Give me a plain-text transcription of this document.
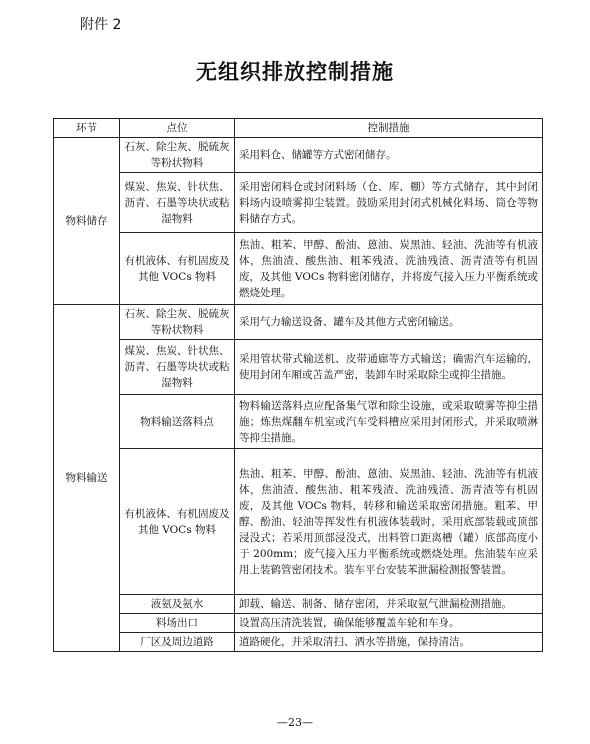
附件 2
无组织排放控制措施
环节	点位	控制措施
物料储存	石灰、除尘灰、脱硫灰等粉状物料	采用料仓、储罐等方式密闭储存。
	煤炭、焦炭、针状焦、沥青、石墨等块状或粘湿物料	采用密闭料仓或封闭料场（仓、库、棚）等方式储存，其中封闭料场内设喷雾抑尘装置。鼓励采用封闭式机械化料场、筒仓等物料储存方式。
	有机液体、有机固废及其他 VOCs 物料	焦油、粗苯、甲醇、酚油、蒽油、炭黑油、轻油、洗油等有机液体，焦油渣、酸焦油、粗苯残渣、洗油残渣、沥青渣等有机固废，及其他 VOCs 物料密闭储存，并将废气接入压力平衡系统或燃烧处理。
物料输送	石灰、除尘灰、脱硫灰等粉状物料	采用气力输送设备、罐车及其他方式密闭输送。
	煤炭、焦炭、针状焦、沥青、石墨等块状或粘湿物料	采用管状带式输送机、皮带通廊等方式输送；确需汽车运输的，使用封闭车厢或苫盖严密，装卸车时采取除尘或抑尘措施。
	物料输送落料点	物料输送落料点应配备集气罩和除尘设施，或采取喷雾等抑尘措施；炼焦煤翻车机室或汽车受料槽应采用封闭形式，并采取喷淋等抑尘措施。
	有机液体、有机固废及其他 VOCs 物料	焦油、粗苯、甲醇、酚油、蒽油、炭黑油、轻油、洗油等有机液体，焦油渣、酸焦油、粗苯残渣、洗油残渣、沥青渣等有机固废，及其他 VOCs 物料，转移和输送采取密闭措施。粗苯、甲醇、酚油、轻油等挥发性有机液体装载时，采用底部装载或顶部浸没式；若采用顶部浸没式，出料管口距离槽（罐）底部高度小于 200mm；废气接入压力平衡系统或燃烧处理。焦油装车应采用上装鹤管密闭技术。装车平台安装苯泄漏检测报警装置。
	液氨及氨水	卸载、输送、制备、储存密闭，并采取氨气泄漏检测措施。
	料场出口	设置高压清洗装置，确保能够覆盖车轮和车身。
	厂区及周边道路	道路硬化，并采取清扫、洒水等措施，保持清洁。
—23—
